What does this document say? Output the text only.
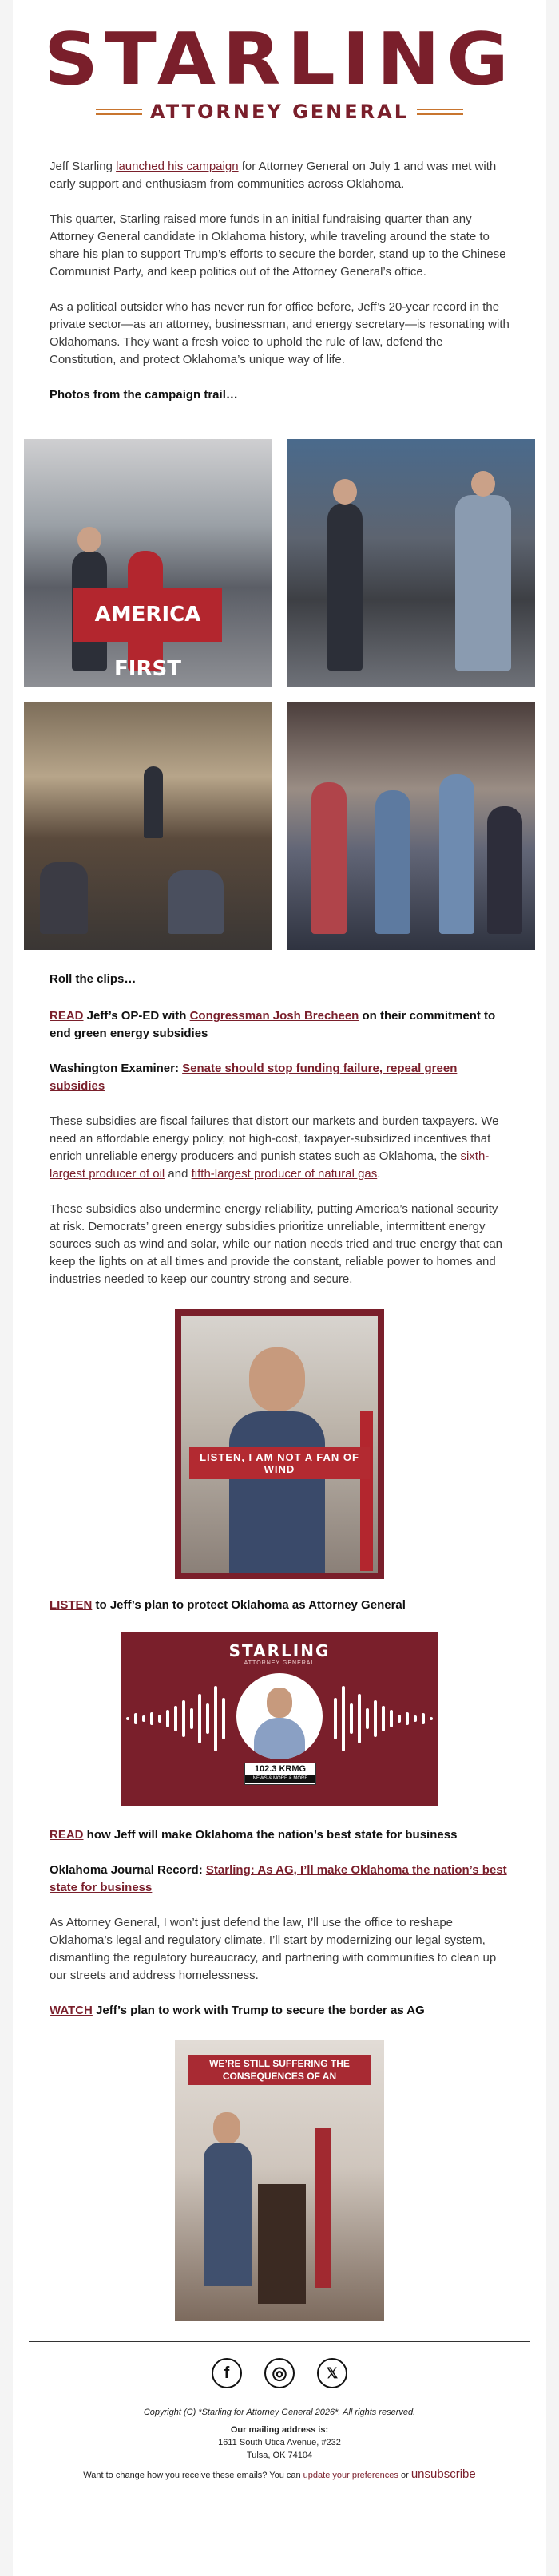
STARLING
ATTORNEY GENERAL

Jeff Starling launched his campaign for Attorney General on July 1 and was met with early support and enthusiasm from communities across Oklahoma.

This quarter, Starling raised more funds in an initial fundraising quarter than any Attorney General candidate in Oklahoma history, while traveling around the state to share his plan to support Trump’s efforts to secure the border, stand up to the Chinese Communist Party, and keep politics out of the Attorney General’s office.

As a political outsider who has never run for office before, Jeff’s 20-year record in the private sector—as an attorney, businessman, and energy secretary—is resonating with Oklahomans. They want a fresh voice to uphold the rule of law, defend the Constitution, and protect Oklahoma’s unique way of life.

Photos from the campaign trail…

AMERICA FIRST

Roll the clips…

READ Jeff’s OP-ED with Congressman Josh Brecheen on their commitment to end green energy subsidies

Washington Examiner: Senate should stop funding failure, repeal green subsidies

These subsidies are fiscal failures that distort our markets and burden taxpayers. We need an affordable energy policy, not high-cost, taxpayer-subsidized incentives that enrich unreliable energy producers and punish states such as Oklahoma, the sixth-largest producer of oil and fifth-largest producer of natural gas.

These subsidies also undermine energy reliability, putting America’s national security at risk. Democrats’ green energy subsidies prioritize unreliable, intermittent energy sources such as wind and solar, while our nation needs tried and true energy that can keep the lights on at all times and provide the constant, reliable power to homes and industries needed to keep our country strong and secure.

LISTEN, I AM NOT A FAN OF WIND

LISTEN to Jeff’s plan to protect Oklahoma as Attorney General

STARLING
ATTORNEY GENERAL
102.3 KRMG
NEWS & MORE & MORE

READ how Jeff will make Oklahoma the nation’s best state for business

Oklahoma Journal Record: Starling: As AG, I’ll make Oklahoma the nation’s best state for business

As Attorney General, I won’t just defend the law, I’ll use the office to reshape Oklahoma’s legal and regulatory climate. I’ll start by modernizing our legal system, dismantling the regulatory bureaucracy, and partnering with communities to clean up our streets and address homelessness.

WATCH Jeff’s plan to work with Trump to secure the border as AG

WE’RE STILL SUFFERING THE CONSEQUENCES OF AN
f	◎	𝕏
Copyright (C) *Starling for Attorney General 2026*. All rights reserved.
Our mailing address is:
1611 South Utica Avenue, #232
Tulsa, OK 74104
Want to change how you receive these emails? You can update your preferences or unsubscribe
